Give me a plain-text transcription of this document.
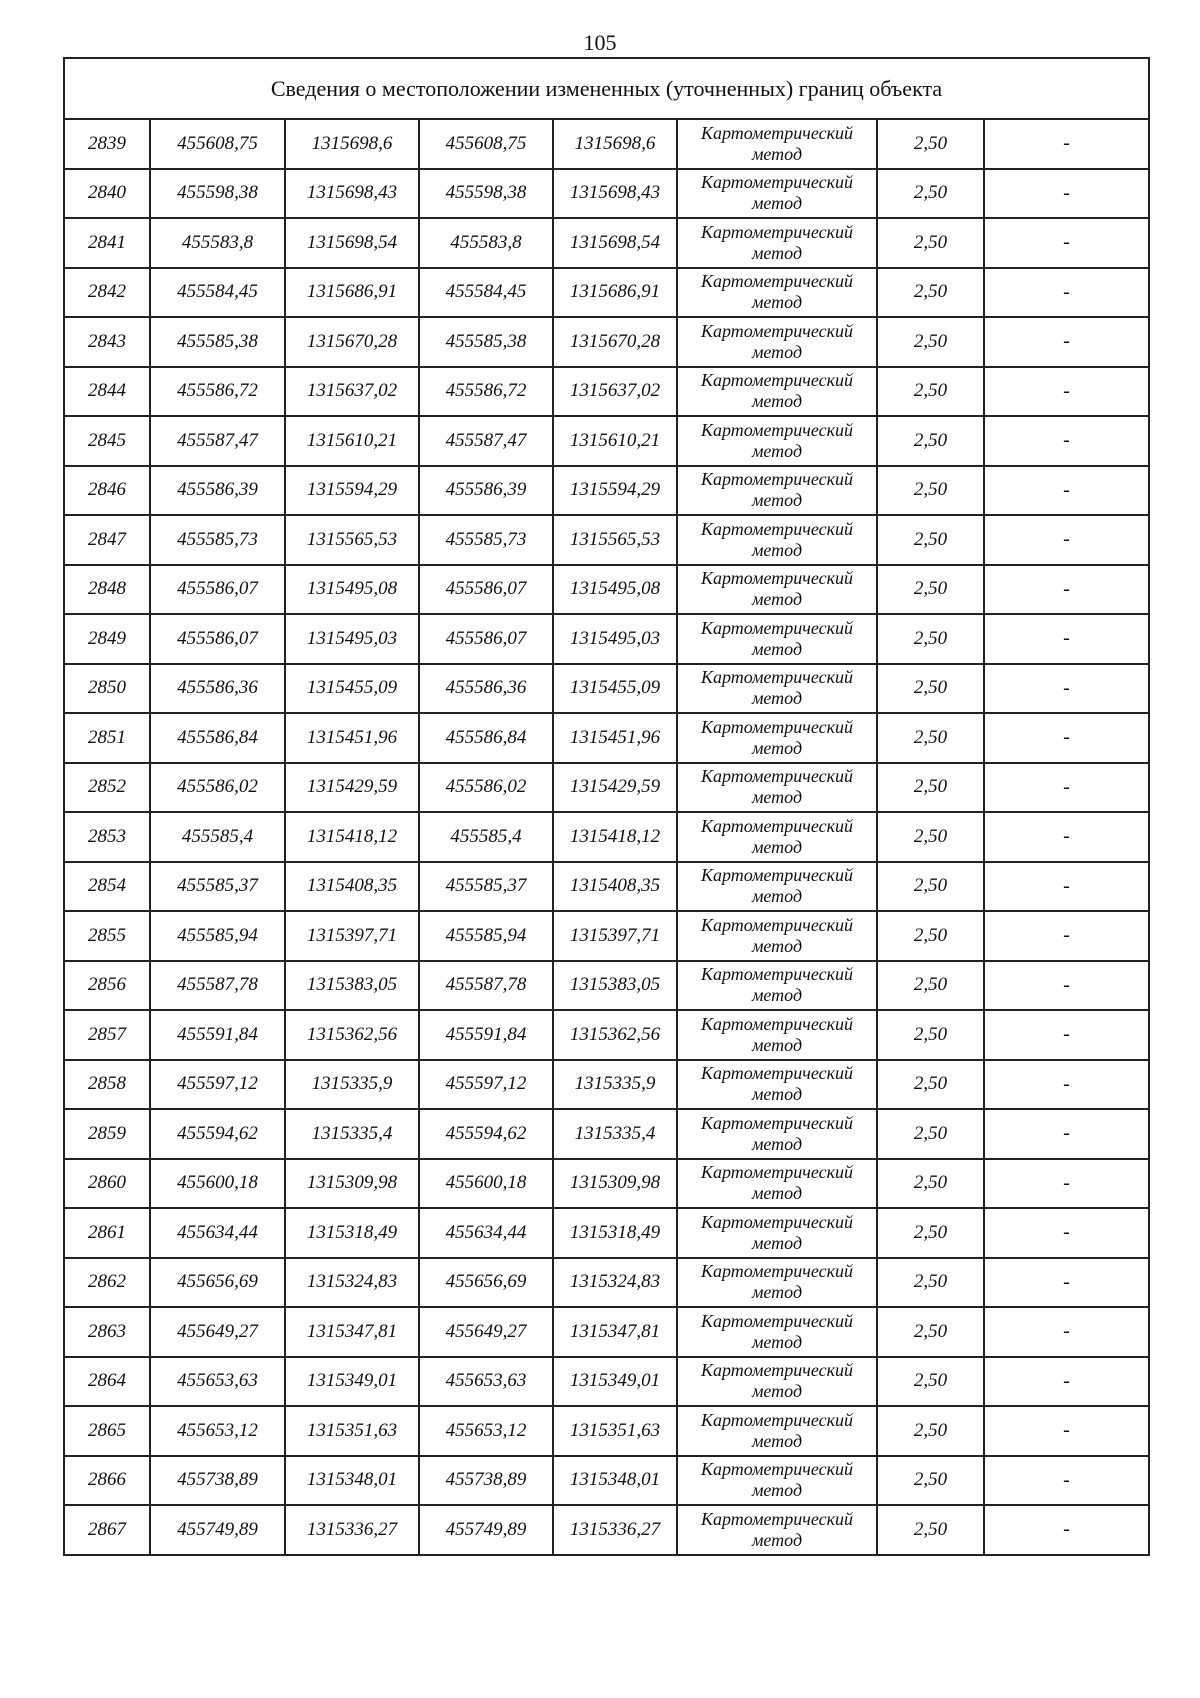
105
Сведения о местоположении измененных (уточненных) границ объекта							
2839	455608,75	1315698,6	455608,75	1315698,6	Картометрический метод	2,50	-
2840	455598,38	1315698,43	455598,38	1315698,43	Картометрический метод	2,50	-
2841	455583,8	1315698,54	455583,8	1315698,54	Картометрический метод	2,50	-
2842	455584,45	1315686,91	455584,45	1315686,91	Картометрический метод	2,50	-
2843	455585,38	1315670,28	455585,38	1315670,28	Картометрический метод	2,50	-
2844	455586,72	1315637,02	455586,72	1315637,02	Картометрический метод	2,50	-
2845	455587,47	1315610,21	455587,47	1315610,21	Картометрический метод	2,50	-
2846	455586,39	1315594,29	455586,39	1315594,29	Картометрический метод	2,50	-
2847	455585,73	1315565,53	455585,73	1315565,53	Картометрический метод	2,50	-
2848	455586,07	1315495,08	455586,07	1315495,08	Картометрический метод	2,50	-
2849	455586,07	1315495,03	455586,07	1315495,03	Картометрический метод	2,50	-
2850	455586,36	1315455,09	455586,36	1315455,09	Картометрический метод	2,50	-
2851	455586,84	1315451,96	455586,84	1315451,96	Картометрический метод	2,50	-
2852	455586,02	1315429,59	455586,02	1315429,59	Картометрический метод	2,50	-
2853	455585,4	1315418,12	455585,4	1315418,12	Картометрический метод	2,50	-
2854	455585,37	1315408,35	455585,37	1315408,35	Картометрический метод	2,50	-
2855	455585,94	1315397,71	455585,94	1315397,71	Картометрический метод	2,50	-
2856	455587,78	1315383,05	455587,78	1315383,05	Картометрический метод	2,50	-
2857	455591,84	1315362,56	455591,84	1315362,56	Картометрический метод	2,50	-
2858	455597,12	1315335,9	455597,12	1315335,9	Картометрический метод	2,50	-
2859	455594,62	1315335,4	455594,62	1315335,4	Картометрический метод	2,50	-
2860	455600,18	1315309,98	455600,18	1315309,98	Картометрический метод	2,50	-
2861	455634,44	1315318,49	455634,44	1315318,49	Картометрический метод	2,50	-
2862	455656,69	1315324,83	455656,69	1315324,83	Картометрический метод	2,50	-
2863	455649,27	1315347,81	455649,27	1315347,81	Картометрический метод	2,50	-
2864	455653,63	1315349,01	455653,63	1315349,01	Картометрический метод	2,50	-
2865	455653,12	1315351,63	455653,12	1315351,63	Картометрический метод	2,50	-
2866	455738,89	1315348,01	455738,89	1315348,01	Картометрический метод	2,50	-
2867	455749,89	1315336,27	455749,89	1315336,27	Картометрический метод	2,50	-
